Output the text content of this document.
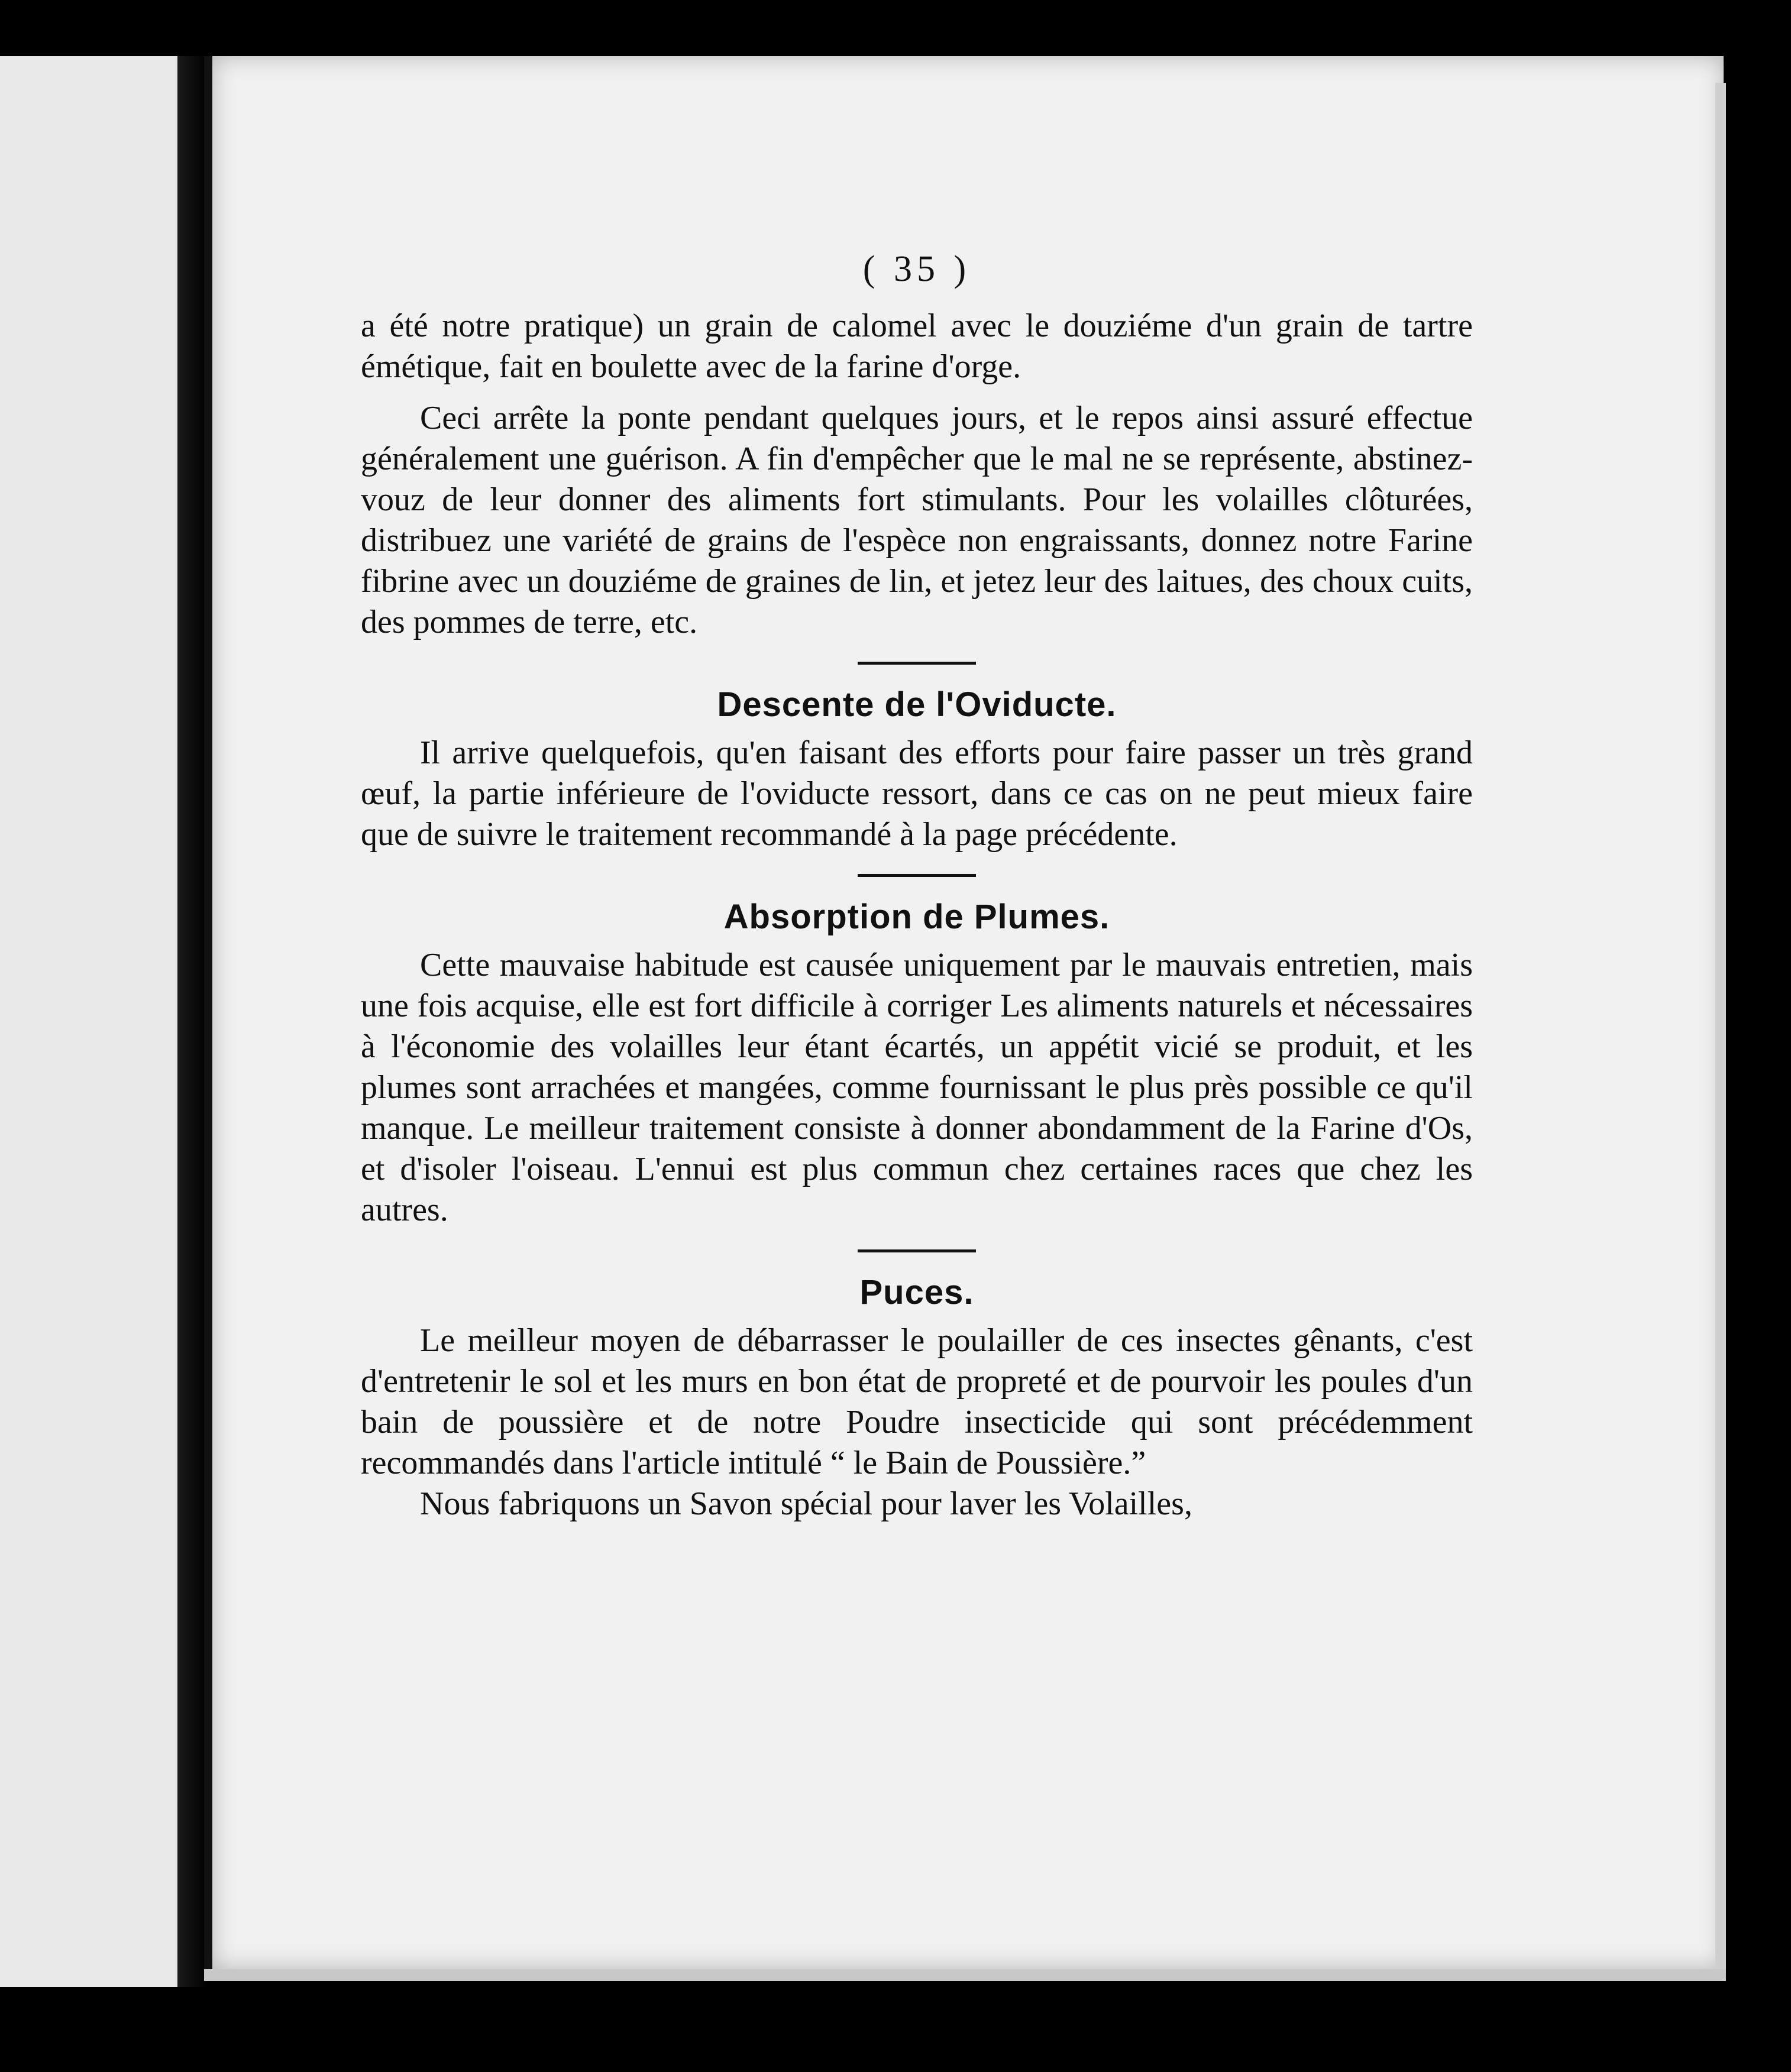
( 35 )

a été notre pratique) un grain de calomel avec le douziéme d'un grain de tartre émétique, fait en boulette avec de la farine d'orge.

Ceci arrête la ponte pendant quelques jours, et le repos ainsi assuré effectue généralement une guérison. A fin d'empêcher que le mal ne se représente, abstinez-vouz de leur donner des aliments fort stimulants. Pour les volailles clôturées, distribuez une variété de grains de l'espèce non engraissants, donnez notre Farine fibrine avec un douziéme de graines de lin, et jetez leur des laitues, des choux cuits, des pommes de terre, etc.

Descente de l'Oviducte.

Il arrive quelquefois, qu'en faisant des efforts pour faire passer un très grand œuf, la partie inférieure de l'oviducte ressort, dans ce cas on ne peut mieux faire que de suivre le traitement recommandé à la page précédente.

Absorption de Plumes.

Cette mauvaise habitude est causée uniquement par le mauvais entretien, mais une fois acquise, elle est fort difficile à corriger Les aliments naturels et nécessaires à l'économie des volailles leur étant écartés, un appétit vicié se produit, et les plumes sont arrachées et mangées, comme fournissant le plus près possible ce qu'il manque. Le meilleur traitement consiste à donner abondamment de la Farine d'Os, et d'isoler l'oiseau. L'ennui est plus commun chez certaines races que chez les autres.

Puces.

Le meilleur moyen de débarrasser le poulailler de ces insectes gênants, c'est d'entretenir le sol et les murs en bon état de propreté et de pourvoir les poules d'un bain de poussière et de notre Poudre insecticide qui sont précédemment recommandés dans l'article intitulé “ le Bain de Poussière.”

Nous fabriquons un Savon spécial pour laver les Volailles,
